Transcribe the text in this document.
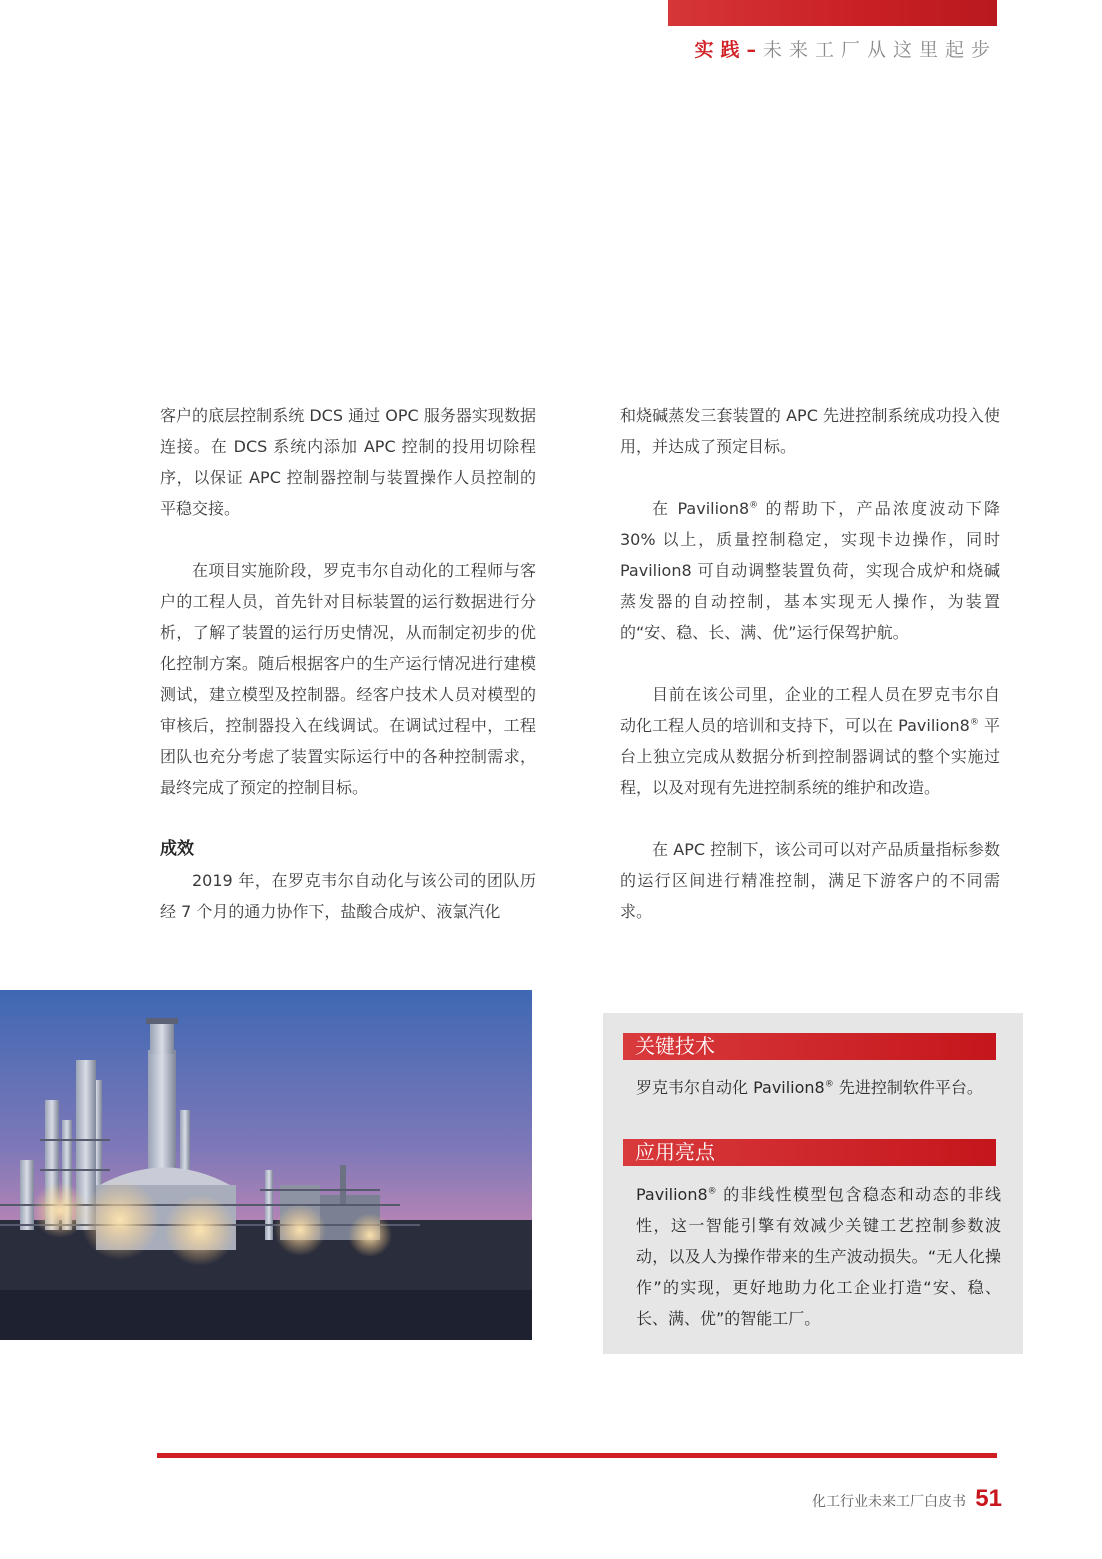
实践–未来工厂从这里起步

客户的底层控制系统 DCS 通过 OPC 服务器实现数据连接。在 DCS 系统内添加 APC 控制的投用切除程序，以保证 APC 控制器控制与装置操作人员控制的平稳交接。

在项目实施阶段，罗克韦尔自动化的工程师与客户的工程人员，首先针对目标装置的运行数据进行分析，了解了装置的运行历史情况，从而制定初步的优化控制方案。随后根据客户的生产运行情况进行建模测试，建立模型及控制器。经客户技术人员对模型的审核后，控制器投入在线调试。在调试过程中，工程团队也充分考虑了装置实际运行中的各种控制需求，最终完成了预定的控制目标。

成效

2019 年，在罗克韦尔自动化与该公司的团队历经 7 个月的通力协作下，盐酸合成炉、液氯汽化

和烧碱蒸发三套装置的 APC 先进控制系统成功投入使用，并达成了预定目标。

在 Pavilion8® 的帮助下，产品浓度波动下降 30% 以上，质量控制稳定，实现卡边操作，同时 Pavilion8 可自动调整装置负荷，实现合成炉和烧碱蒸发器的自动控制，基本实现无人操作，为装置的“安、稳、长、满、优”运行保驾护航。

目前在该公司里，企业的工程人员在罗克韦尔自动化工程人员的培训和支持下，可以在 Pavilion8® 平台上独立完成从数据分析到控制器调试的整个实施过程，以及对现有先进控制系统的维护和改造。

在 APC 控制下，该公司可以对产品质量指标参数的运行区间进行精准控制，满足下游客户的不同需求。

关键技术

罗克韦尔自动化 Pavilion8® 先进控制软件平台。

应用亮点

Pavilion8® 的非线性模型包含稳态和动态的非线性，这一智能引擎有效减少关键工艺控制参数波动，以及人为操作带来的生产波动损失。“无人化操作”的实现，更好地助力化工企业打造“安、稳、长、满、优”的智能工厂。

化工行业未来工厂白皮书 51
